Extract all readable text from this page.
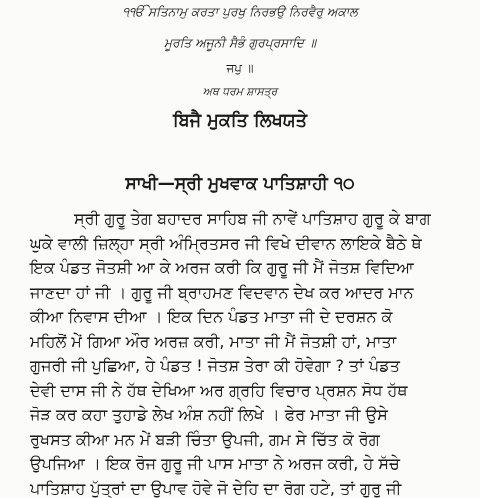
੧ੴ ਸਤਿਨਾਮੁ ਕਰਤਾ ਪੁਰਖੁ ਨਿਰਭਉ ਨਿਰਵੈਰੁ ਅਕਾਲ
ਮੂਰਤਿ ਅਜੂਨੀ ਸੈਭੰ ਗੁਰਪ੍ਰਸਾਦਿ ॥
ਜਪੁ ॥
ਅਥ ਧਰਮ ਸ਼ਾਸਤ੍ਰ
ਬਿਜੈ ਮੁਕਤਿ ਲਿਖਯਤੇ
ਸਾਖੀ—ਸ੍ਰੀ ਮੁਖਵਾਕ ਪਾਤਿਸ਼ਾਹੀ ੧੦
ਸ੍ਰੀ ਗੁਰੂ ਤੇਗ ਬਹਾਦਰ ਸਾਹਿਬ ਜੀ ਨਾਵੇਂ ਪਾਤਿਸ਼ਾਹ ਗੁਰੂ ਕੇ ਬਾਗ
ਘੁਕੇ ਵਾਲੀ ਜ਼ਿਲ੍ਹਾ ਸ੍ਰੀ ਅੰਮ੍ਰਿਤਸਰ ਜੀ ਵਿਖੇ ਦੀਵਾਨ ਲਾਇਕੇ ਬੈਠੇ ਥੇ
ਇਕ ਪੰਡਤ ਜੋਤਸ਼ੀ ਆ ਕੇ ਅਰਜ ਕਰੀ ਕਿ ਗੁਰੂ ਜੀ ਮੈਂ ਜੋਤਸ਼ ਵਿਦਿਆ
ਜਾਣਦਾ ਹਾਂ ਜੀ । ਗੁਰੂ ਜੀ ਬ੍ਰਾਹਮਣ ਵਿਦਵਾਨ ਦੇਖ ਕਰ ਆਦਰ ਮਾਨ
ਕੀਆ ਨਿਵਾਸ ਦੀਆ । ਇਕ ਦਿਨ ਪੰਡਤ ਮਾਤਾ ਜੀ ਦੇ ਦਰਸ਼ਨ ਕੋ
ਮਹਿਲੋਂ ਮੇਂ ਗਿਆ ਔਰ ਅਰਜ਼ ਕਰੀ, ਮਾਤਾ ਜੀ ਮੈਂ ਜੋਤਸ਼ੀ ਹਾਂ, ਮਾਤਾ
ਗੁਜਰੀ ਜੀ ਪੁਛਿਆ, ਹੇ ਪੰਡਤ ! ਜੋਤਸ਼ ਤੇਰਾ ਕੀ ਹੋਵੇਗਾ ? ਤਾਂ ਪੰਡਤ
ਦੇਵੀ ਦਾਸ ਜੀ ਨੇ ਹੱਥ ਦੇਖਿਆ ਅਰ ਗ੍ਰਹਿ ਵਿਚਾਰ ਪ੍ਰਸ਼ਨ ਸੋਧ ਹੱਥ
ਜੋੜ ਕਰ ਕਹਾ ਤੁਹਾਡੇ ਲੇਖ ਅੰਸ਼ ਨਹੀਂ ਲਿਖੇ । ਫੇਰ ਮਾਤਾ ਜੀ ਉਸੇ
ਰੁਖਸਤ ਕੀਆ ਮਨ ਮੇਂ ਬੜੀ ਚਿੰਤਾ ਉਪਜੀ, ਗਮ ਸੇ ਚਿੱਤ ਕੋ ਰੋਗ
ਉਪਜਿਆ । ਇਕ ਰੋਜ ਗੁਰੂ ਜੀ ਪਾਸ ਮਾਤਾ ਨੇ ਅਰਜ ਕਰੀ, ਹੇ ਸੱਚੇ
ਪਾਤਿਸ਼ਾਹ ਪੁੱਤ੍ਰਾਂ ਦਾ ਉਪਾਵ ਹੋਵੇ ਜੋ ਦੇਹਿ ਦਾ ਰੋਗ ਹਟੇ, ਤਾਂ ਗੁਰੂ ਜੀ
